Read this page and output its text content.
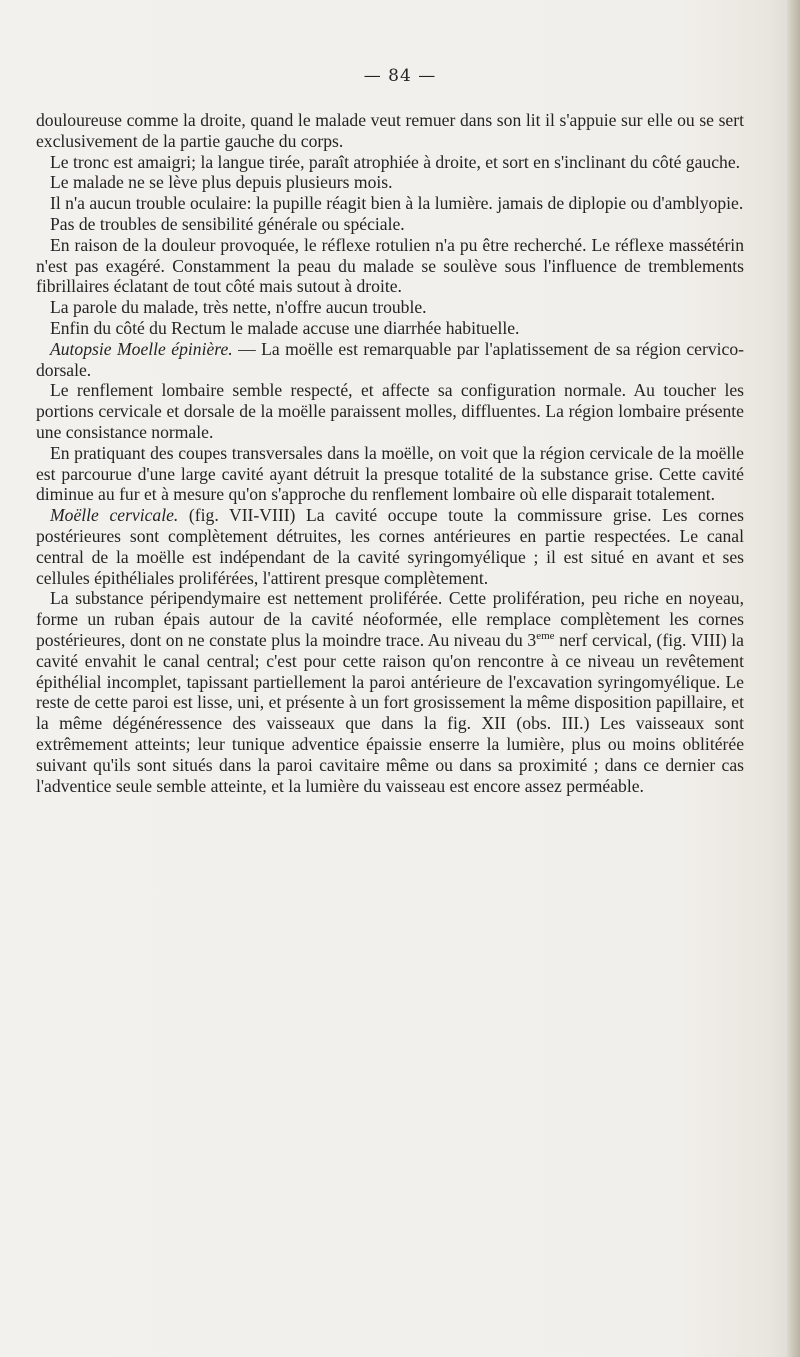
— 84 —

douloureuse comme la droite, quand le malade veut remuer dans son lit il s'appuie sur elle ou se sert exclusivement de la partie gauche du corps.

Le tronc est amaigri; la langue tirée, paraît atrophiée à droite, et sort en s'inclinant du côté gauche.

Le malade ne se lève plus depuis plusieurs mois.

Il n'a aucun trouble oculaire: la pupille réagit bien à la lumière. jamais de diplopie ou d'amblyopie.

Pas de troubles de sensibilité générale ou spéciale.

En raison de la douleur provoquée, le réflexe rotulien n'a pu être recherché. Le réflexe massétérin n'est pas exagéré. Constamment la peau du malade se soulève sous l'influence de tremblements fibrillaires éclatant de tout côté mais sutout à droite.

La parole du malade, très nette, n'offre aucun trouble.

Enfin du côté du Rectum le malade accuse une diarrhée habituelle.

Autopsie Moelle épinière. — La moëlle est remarquable par l'aplatissement de sa région cervico-dorsale.

Le renflement lombaire semble respecté, et affecte sa configuration normale. Au toucher les portions cervicale et dorsale de la moëlle paraissent molles, diffluentes. La région lombaire présente une consistance normale.

En pratiquant des coupes transversales dans la moëlle, on voit que la région cervicale de la moëlle est parcourue d'une large cavité ayant détruit la presque totalité de la substance grise. Cette cavité diminue au fur et à mesure qu'on s'approche du renflement lombaire où elle disparait totalement.

Moëlle cervicale. (fig. VII-VIII) La cavité occupe toute la commissure grise. Les cornes postérieures sont complètement détruites, les cornes antérieures en partie respectées. Le canal central de la moëlle est indépendant de la cavité syringomyélique ; il est situé en avant et ses cellules épithéliales proliférées, l'attirent presque complètement.

La substance péripendymaire est nettement proliférée. Cette prolifération, peu riche en noyeau, forme un ruban épais autour de la cavité néoformée, elle remplace complètement les cornes postérieures, dont on ne constate plus la moindre trace. Au niveau du 3eme nerf cervical, (fig. VIII) la cavité envahit le canal central; c'est pour cette raison qu'on rencontre à ce niveau un revêtement épithélial incomplet, tapissant partiellement la paroi antérieure de l'excavation syringomyélique. Le reste de cette paroi est lisse, uni, et présente à un fort grosissement la même disposition papillaire, et la même dégénéressence des vaisseaux que dans la fig. XII (obs. III.) Les vaisseaux sont extrêmement atteints; leur tunique adventice épaissie enserre la lumière, plus ou moins oblitérée suivant qu'ils sont situés dans la paroi cavitaire même ou dans sa proximité ; dans ce dernier cas l'adventice seule semble atteinte, et la lumière du vaisseau est encore assez perméable.
